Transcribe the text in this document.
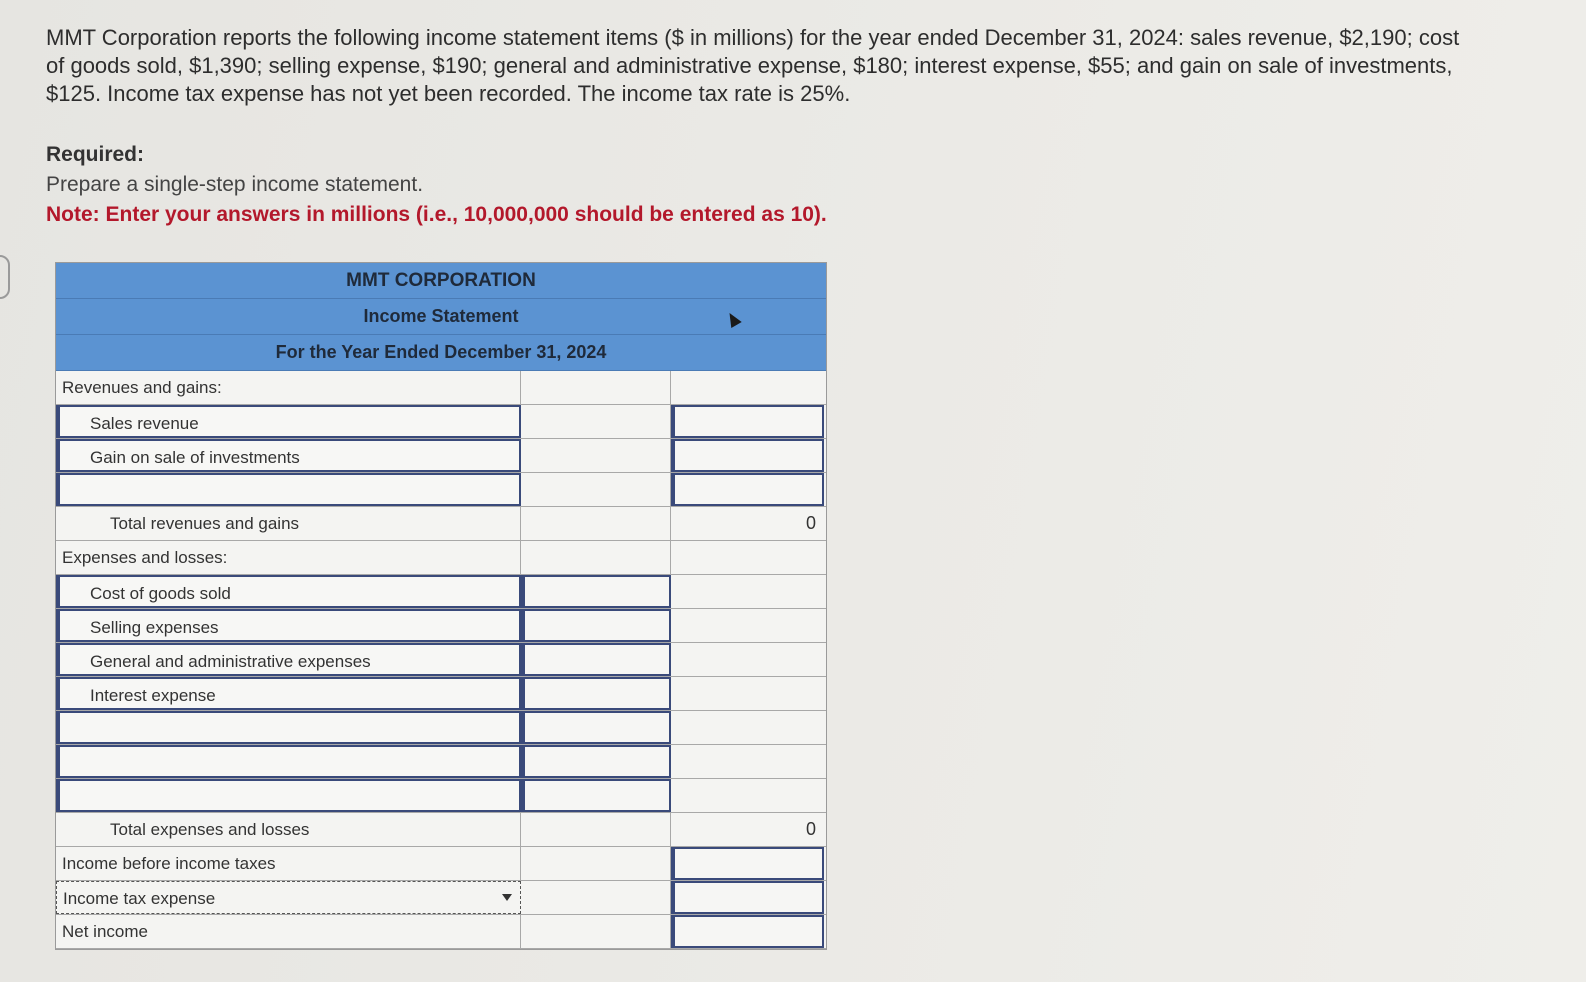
MMT Corporation reports the following income statement items ($ in millions) for the year ended December 31, 2024: sales revenue, $2,190; cost of goods sold, $1,390; selling expense, $190; general and administrative expense, $180; interest expense, $55; and gain on sale of investments, $125. Income tax expense has not yet been recorded. The income tax rate is 25%.
Required:
Prepare a single-step income statement.
Note: Enter your answers in millions (i.e., 10,000,000 should be entered as 10).
MMT CORPORATION
Income Statement
For the Year Ended December 31, 2024
Revenues and gains:
Sales revenue
Gain on sale of investments
Total revenues and gains	0
Expenses and losses:
Cost of goods sold
Selling expenses
General and administrative expenses
Interest expense
Total expenses and losses	0
Income before income taxes
Income tax expense
Net income
